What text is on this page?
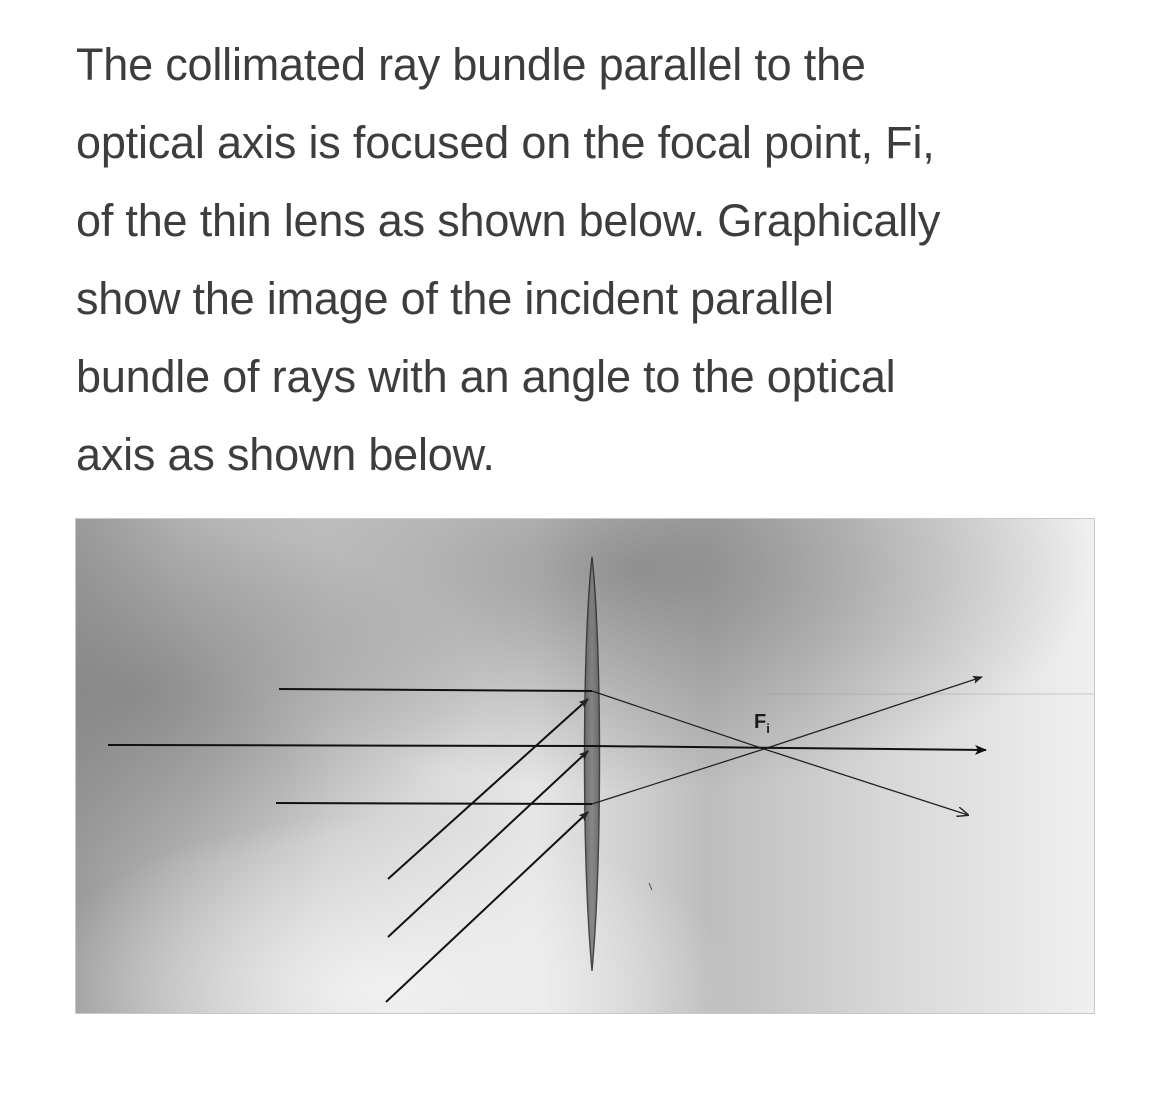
The collimated ray bundle parallel to the
optical axis is focused on the focal point, Fi,
of the thin lens as shown below. Graphically
show the image of the incident parallel
bundle of rays with an angle to the optical
axis as shown below.
$F_i$
